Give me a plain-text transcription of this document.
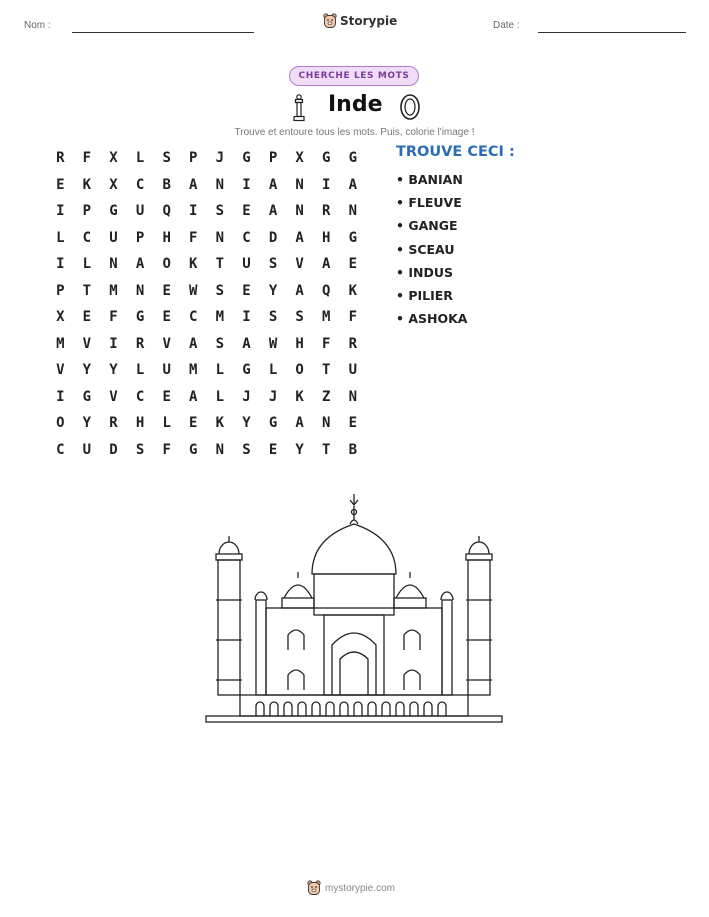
Nom :	Storypie	Date :
CHERCHE LES MOTS
Inde
Trouve et entoure tous les mots. Puis, colorie l'image !
R	F	X	L	S	P	J	G	P	X	G	G
E	K	X	C	B	A	N	I	A	N	I	A
I	P	G	U	Q	I	S	E	A	N	R	N
L	C	U	P	H	F	N	C	D	A	H	G
I	L	N	A	O	K	T	U	S	V	A	E
P	T	M	N	E	W	S	E	Y	A	Q	K
X	E	F	G	E	C	M	I	S	S	M	F
M	V	I	R	V	A	S	A	W	H	F	R
V	Y	Y	L	U	M	L	G	L	O	T	U
I	G	V	C	E	A	L	J	J	K	Z	N
O	Y	R	H	L	E	K	Y	G	A	N	E
C	U	D	S	F	G	N	S	E	Y	T	B
TROUVE CECI :
• BANIAN
• FLEUVE
• GANGE
• SCEAU
• INDUS
• PILIER
• ASHOKA
mystorypie.com
